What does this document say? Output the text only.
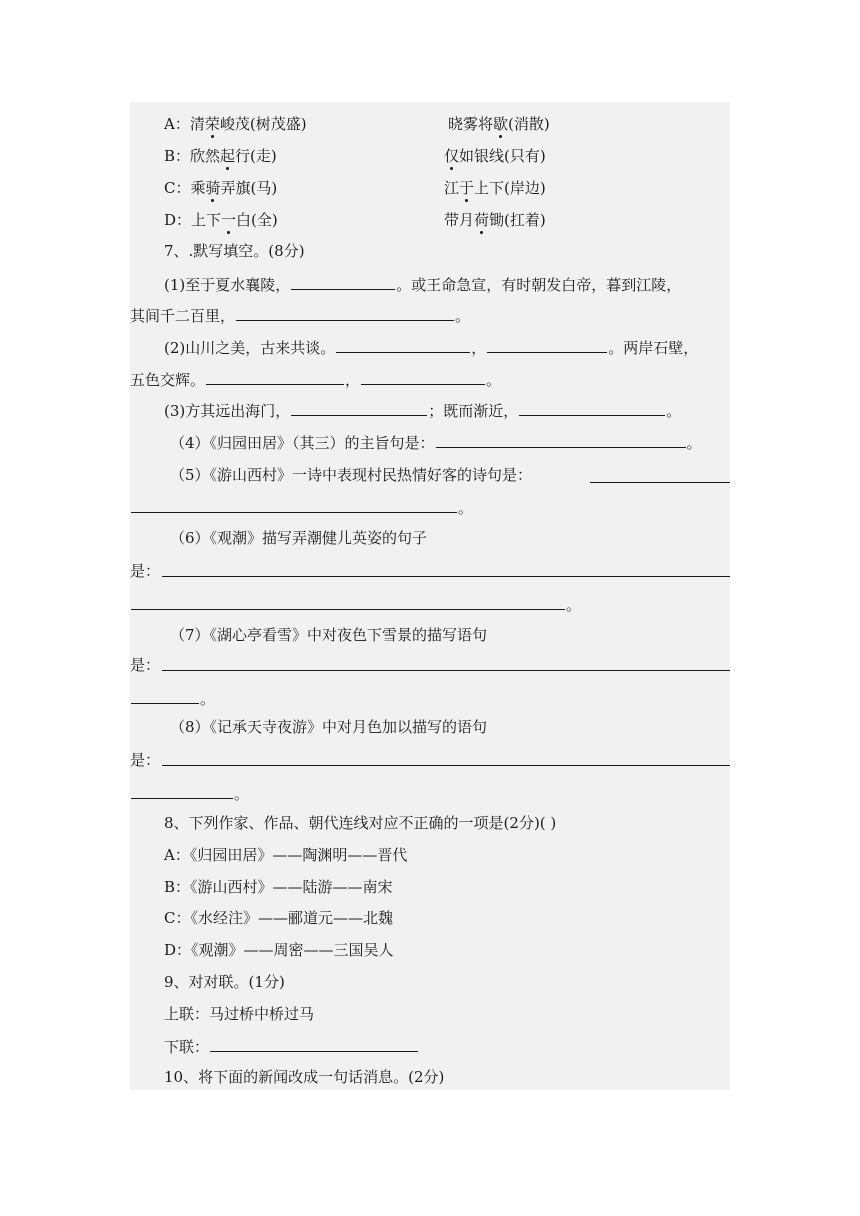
A：清荣峻茂(树茂盛)	晓雾将歇(消散)
B：欣然起行(走)	仅如银线(只有)
C：乘骑弄旗(马)	江于上下(岸边)
D：上下一白(全)	带月荷锄(扛着)
7、.默写填空。(8分)
(1)至于夏水襄陵，	。或王命急宣，有时朝发白帝，暮到江陵，
其间千二百里，	。
(2)山川之美，古来共谈。	，	。两岸石壁，
五色交辉。	，	。
(3)方其远出海门，	；既而渐近，	。
（4）《归园田居》（其三）的主旨句是：	。
（5）《游山西村》一诗中表现村民热情好客的诗句是：
。
（6）《观潮》描写弄潮健儿英姿的句子
是：
。
（7）《湖心亭看雪》中对夜色下雪景的描写语句
是：
。
（8）《记承天寺夜游》中对月色加以描写的语句
是：
。
8、下列作家、作品、朝代连线对应不正确的一项是(2分)( )
A：《归园田居》——陶渊明——晋代
B：《游山西村》——陆游——南宋
C：《水经注》——郦道元——北魏
D：《观潮》——周密——三国吴人
9、对对联。(1分)
上联：马过桥中桥过马
下联：
10、将下面的新闻改成一句话消息。(2分)
